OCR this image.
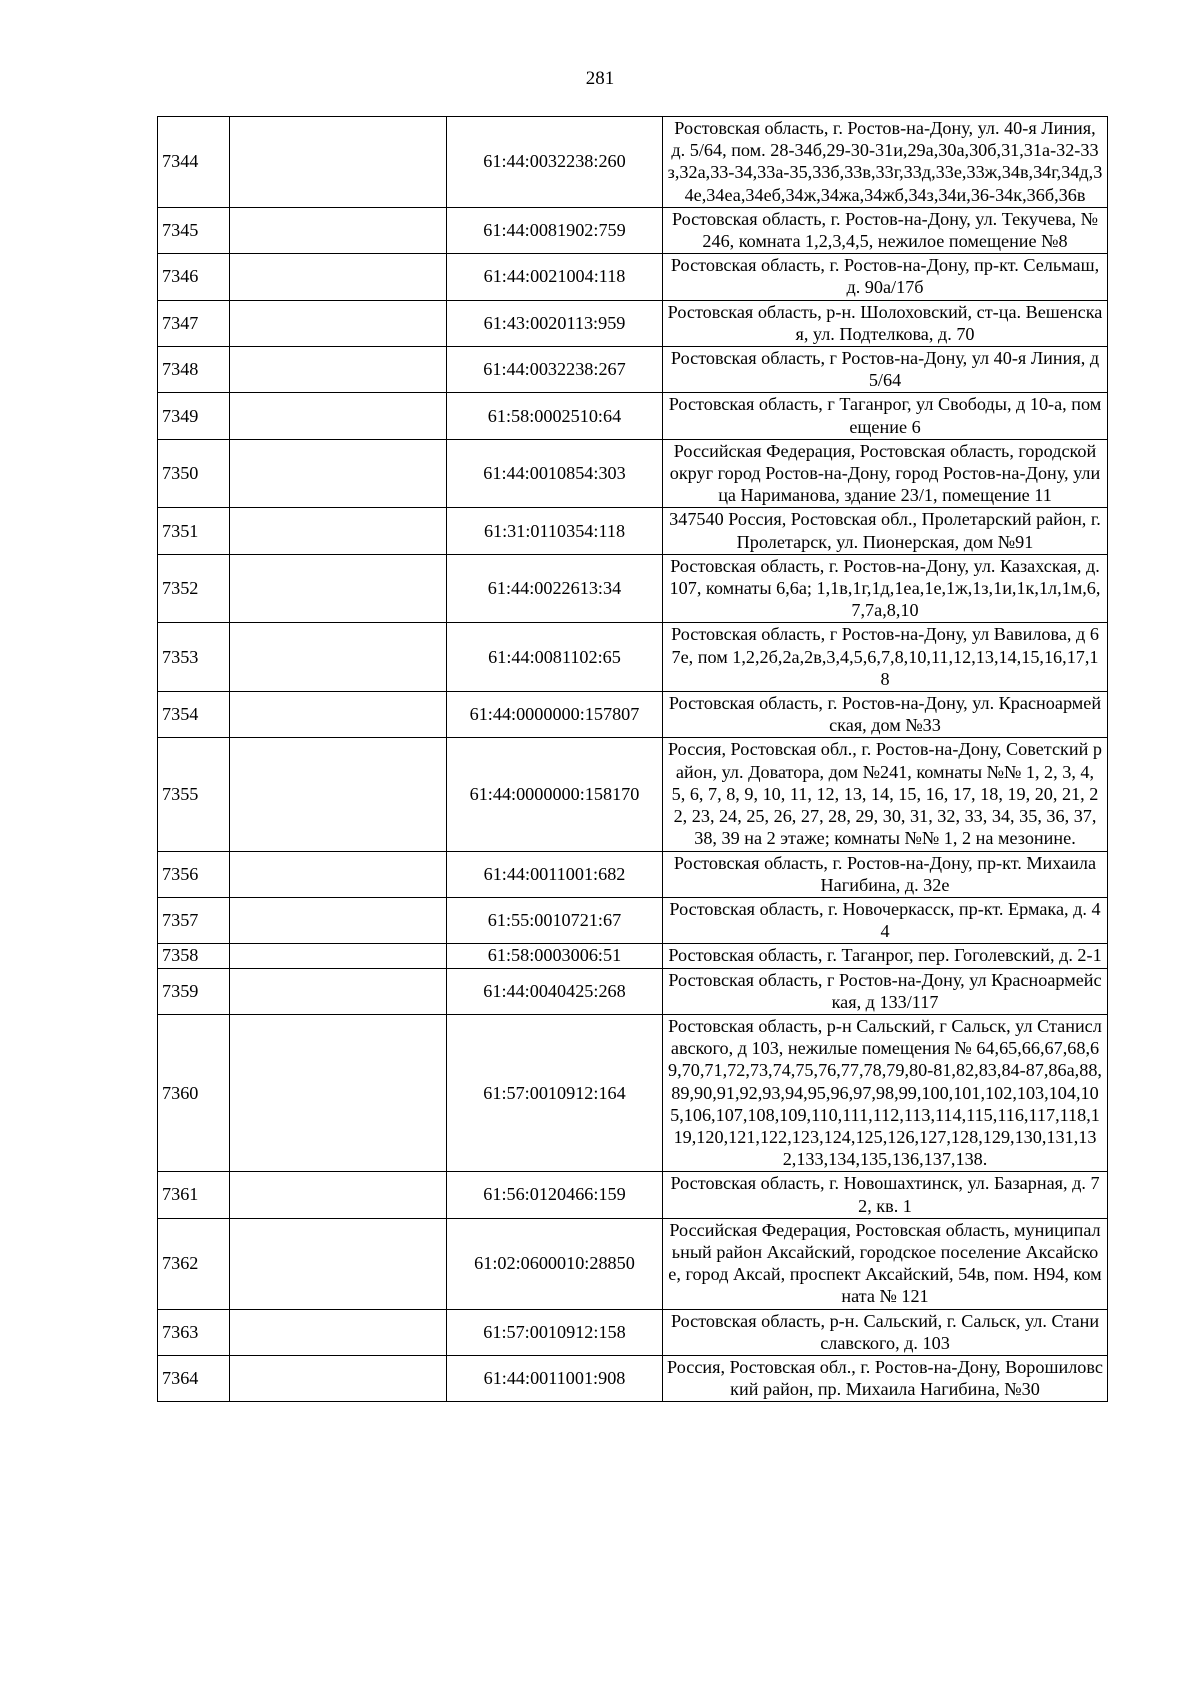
281
7344		61:44:0032238:260	Ростовская область, г. Ростов-на-Дону, ул. 40-я Линия, д. 5/64, пом. 28-34б,29-30-31и,29а,30а,30б,31,31а-32-33з,32а,33-34,33а-35,33б,33в,33г,33д,33е,33ж,34в,34г,34д,34е,34еа,34еб,34ж,34жа,34жб,34з,34и,36-34к,36б,36в
7345		61:44:0081902:759	Ростовская область, г. Ростов-на-Дону, ул. Текучева, № 246, комната 1,2,3,4,5, нежилое помещение №8
7346		61:44:0021004:118	Ростовская область, г. Ростов-на-Дону, пр-кт. Сельмаш, д. 90а/17б
7347		61:43:0020113:959	Ростовская область, р-н. Шолоховский, ст-ца. Вешенская, ул. Подтелкова, д. 70
7348		61:44:0032238:267	Ростовская область, г Ростов-на-Дону, ул 40-я Линия, д 5/64
7349		61:58:0002510:64	Ростовская область, г Таганрог, ул Свободы, д 10-а, помещение 6
7350		61:44:0010854:303	Российская Федерация, Ростовская область, городской округ город Ростов-на-Дону, город Ростов-на-Дону, улица Нариманова, здание 23/1, помещение 11
7351		61:31:0110354:118	347540 Россия, Ростовская обл., Пролетарский район, г. Пролетарск, ул. Пионерская, дом №91
7352		61:44:0022613:34	Ростовская область, г. Ростов-на-Дону, ул. Казахская, д. 107, комнаты 6,6а; 1,1в,1г,1д,1еа,1е,1ж,1з,1и,1к,1л,1м,6,7,7а,8,10
7353		61:44:0081102:65	Ростовская область, г Ростов-на-Дону, ул Вавилова, д 67е, пом 1,2,2б,2а,2в,3,4,5,6,7,8,10,11,12,13,14,15,16,17,18
7354		61:44:0000000:157807	Ростовская область, г. Ростов-на-Дону, ул. Красноармейская, дом №33
7355		61:44:0000000:158170	Россия, Ростовская обл., г. Ростов-на-Дону, Советский район, ул. Доватора, дом №241, комнаты №№ 1, 2, 3, 4, 5, 6, 7, 8, 9, 10, 11, 12, 13, 14, 15, 16, 17, 18, 19, 20, 21, 22, 23, 24, 25, 26, 27, 28, 29, 30, 31, 32, 33, 34, 35, 36, 37, 38, 39 на 2 этаже; комнаты №№ 1, 2 на мезонине.
7356		61:44:0011001:682	Ростовская область, г. Ростов-на-Дону, пр-кт. Михаила Нагибина, д. 32е
7357		61:55:0010721:67	Ростовская область, г. Новочеркасск, пр-кт. Ермака, д. 44
7358		61:58:0003006:51	Ростовская область, г. Таганрог, пер. Гоголевский, д. 2-1
7359		61:44:0040425:268	Ростовская область, г Ростов-на-Дону, ул Красноармейская, д 133/117
7360		61:57:0010912:164	Ростовская область, р-н Сальский, г Сальск, ул Станиславского, д 103, нежилые помещения № 64,65,66,67,68,69,70,71,72,73,74,75,76,77,78,79,80-81,82,83,84-87,86а,88,89,90,91,92,93,94,95,96,97,98,99,100,101,102,103,104,105,106,107,108,109,110,111,112,113,114,115,116,117,118,119,120,121,122,123,124,125,126,127,128,129,130,131,132,133,134,135,136,137,138.
7361		61:56:0120466:159	Ростовская область, г. Новошахтинск, ул. Базарная, д. 72, кв. 1
7362		61:02:0600010:28850	Российская Федерация, Ростовская область, муниципальный район Аксайский, городское поселение Аксайское, город Аксай, проспект Аксайский, 54в, пом. Н94, комната № 121
7363		61:57:0010912:158	Ростовская область, р-н. Сальский, г. Сальск, ул. Станиславского, д. 103
7364		61:44:0011001:908	Россия, Ростовская обл., г. Ростов-на-Дону, Ворошиловский район, пр. Михаила Нагибина, №30
